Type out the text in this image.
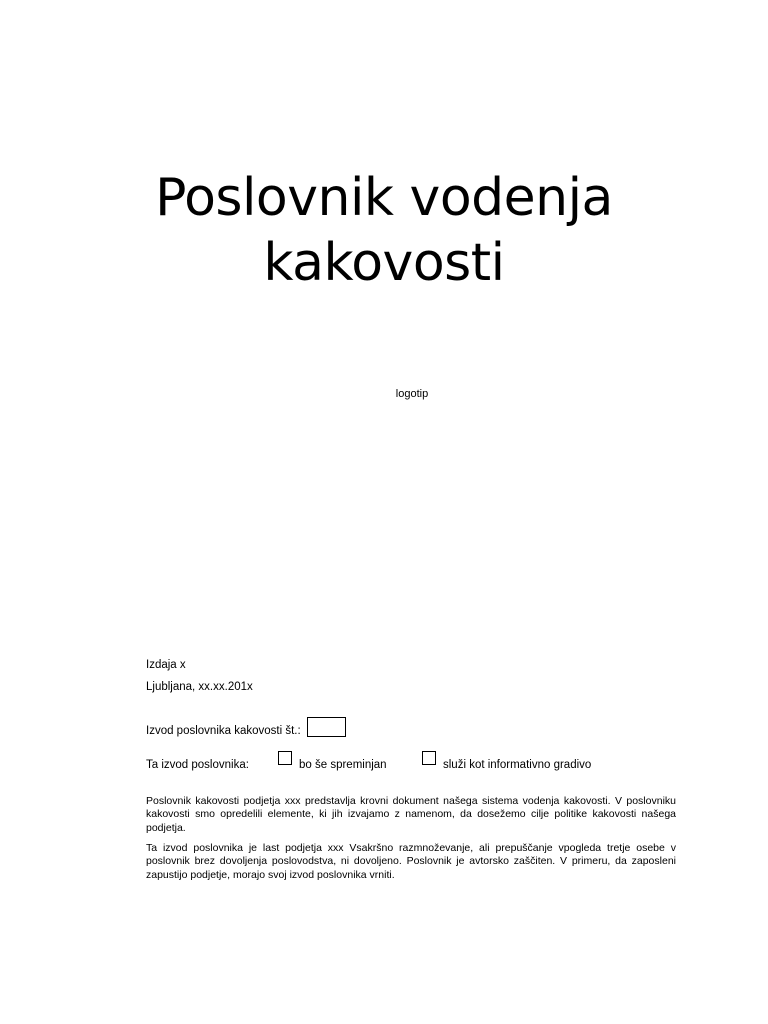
Poslovnik vodenja kakovosti
logotip
Izdaja x
Ljubljana, xx.xx.201x
Izvod poslovnika kakovosti št.:
Ta izvod poslovnika:	bo še spreminjan	služi kot informativno gradivo
Poslovnik kakovosti podjetja xxx predstavlja krovni dokument našega sistema vodenja kakovosti. V poslovniku kakovosti smo opredelili elemente, ki jih izvajamo z namenom, da dosežemo cilje politike kakovosti našega podjetja.
Ta izvod poslovnika je last podjetja xxx Vsakršno razmnoževanje, ali prepuščanje vpogleda tretje osebe v poslovnik brez dovoljenja poslovodstva, ni dovoljeno. Poslovnik je avtorsko zaščiten. V primeru, da zaposleni zapustijo podjetje, morajo svoj izvod poslovnika vrniti.
